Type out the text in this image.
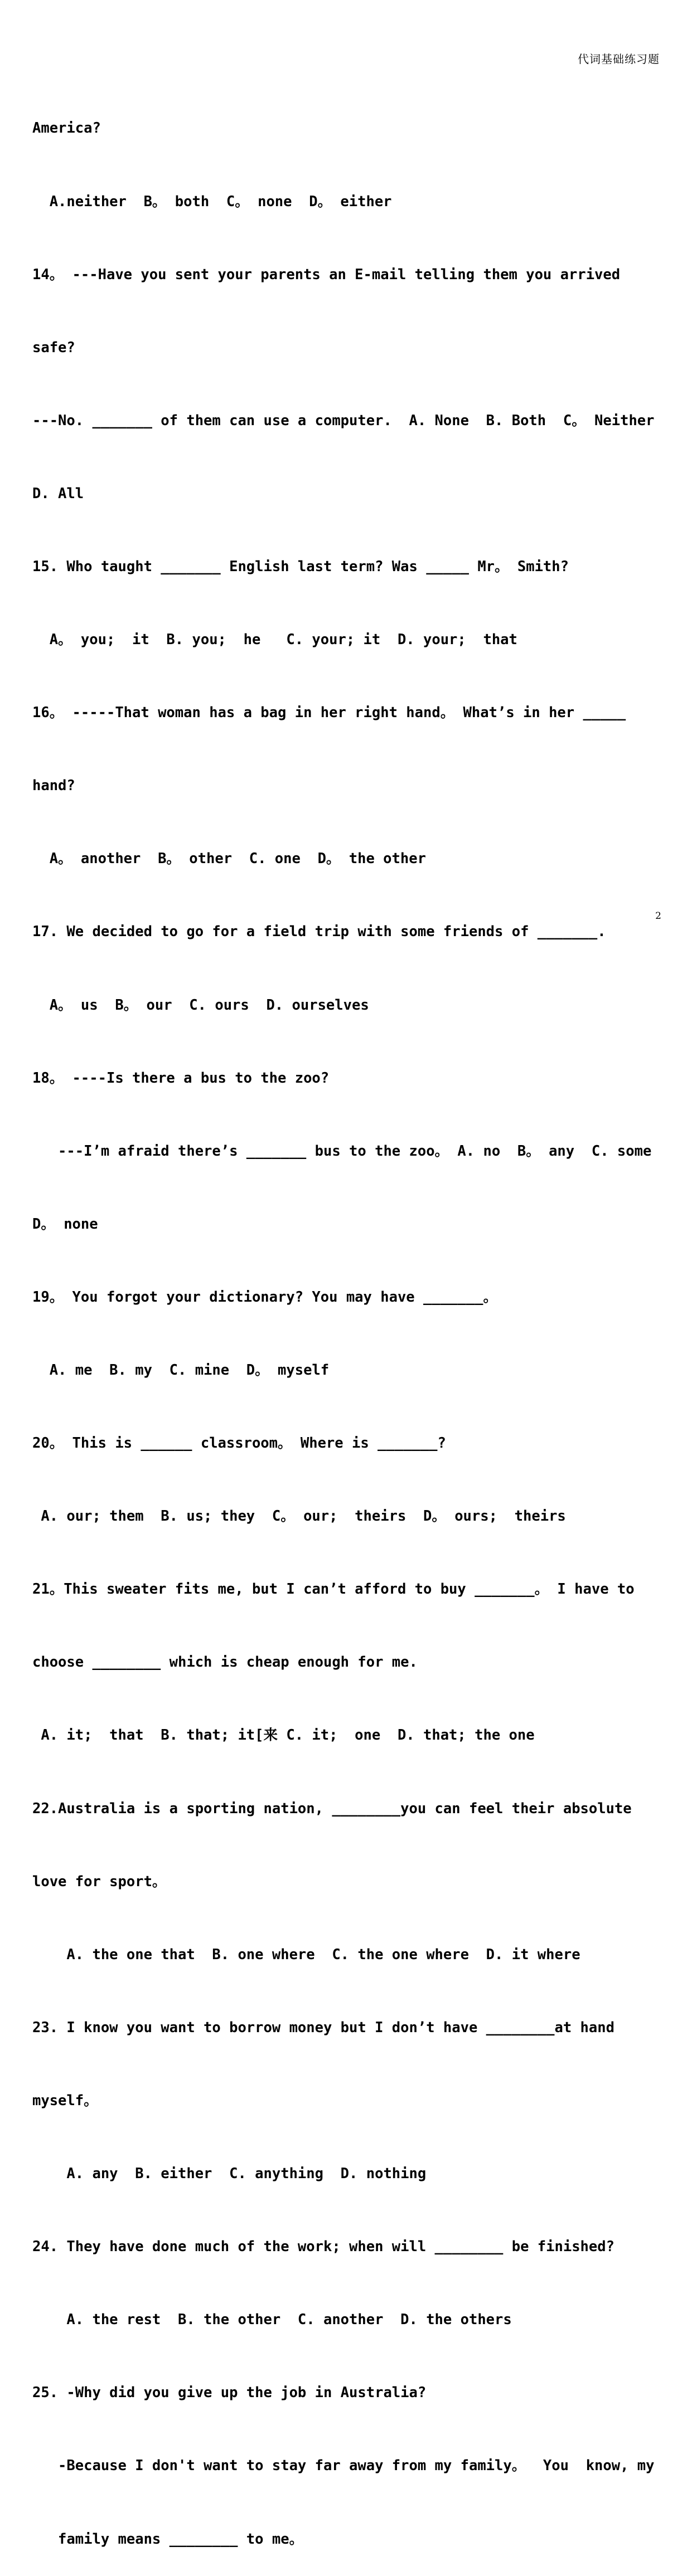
代词基础练习题

America?

A.neither  B。 both  C。 none  D。 either

14。 ---Have you sent your parents an E-mail telling them you arrived

safe?

---No. _______ of them can use a computer.  A. None  B. Both  C。 Neither

D. All

15. Who taught _______ English last term? Was _____ Mr。 Smith?

A。 you;  it  B. you;  he   C. your; it  D. your;  that

16。 -----That woman has a bag in her right hand。 What’s in her _____

hand?

A。 another  B。 other  C. one  D。 the other

17. We decided to go for a field trip with some friends of _______.

A。 us  B。 our  C. ours  D. ourselves

18。 ----Is there a bus to the zoo?

---I’m afraid there’s _______ bus to the zoo。 A. no  B。 any  C. some

D。 none

19。 You forgot your dictionary? You may have _______。

A. me  B. my  C. mine  D。 myself

20。 This is ______ classroom。 Where is _______?

A. our; them  B. us; they  C。 our;  theirs  D。 ours;  theirs

21。This sweater fits me, but I can’t afford to buy _______。 I have to

choose ________ which is cheap enough for me.

A. it;  that  B. that; it[来 C. it;  one  D. that; the one

22.Australia is a sporting nation, ________you can feel their absolute

love for sport。

A. the one that  B. one where  C. the one where  D. it where

23. I know you want to borrow money but I don’t have ________at hand

myself。

A. any  B. either  C. anything  D. nothing

24. They have done much of the work; when will ________ be finished?

A. the rest  B. the other  C. another  D. the others

25. -Why did you give up the job in Australia?

-Because I don't want to stay far away from my family。  You  know, my

family means ________ to me。

2
